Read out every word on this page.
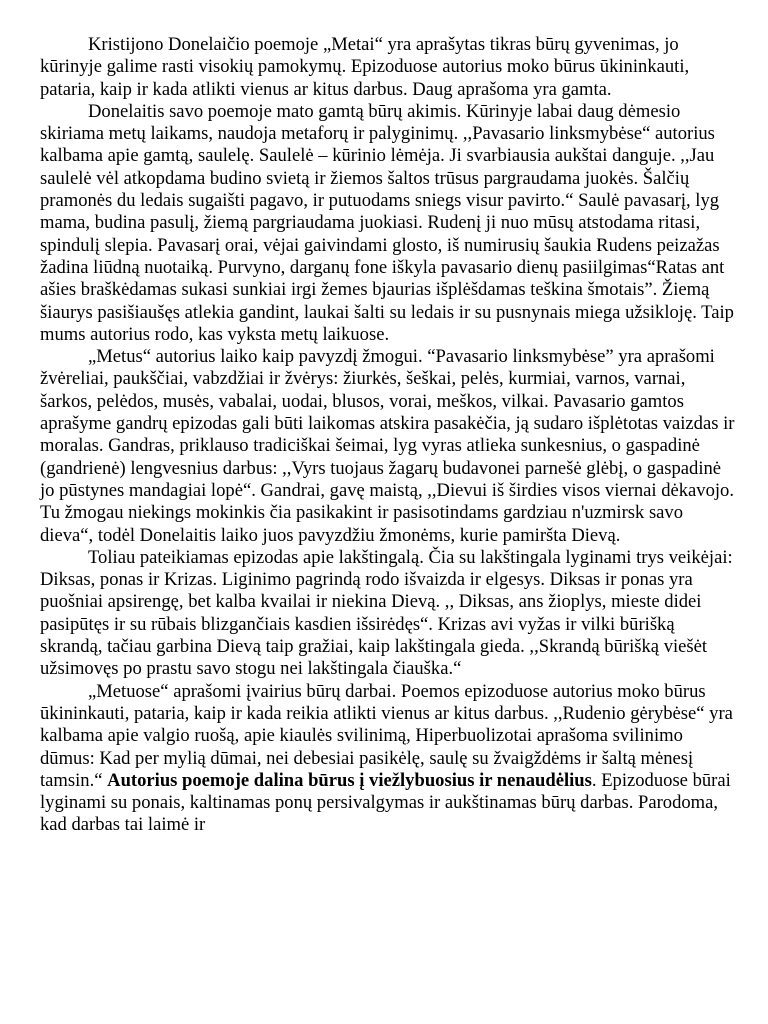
Kristijono Donelaičio poemoje „Metai“ yra aprašytas tikras būrų gyvenimas, jo kūrinyje galime rasti visokių pamokymų. Epizoduose autorius moko būrus ūkininkauti, pataria, kaip ir kada atlikti vienus ar kitus darbus. Daug aprašoma yra gamta.

Donelaitis savo poemoje mato gamtą būrų akimis. Kūrinyje labai daug dėmesio skiriama metų laikams, naudoja metaforų ir palyginimų. ,,Pavasario linksmybėse“ autorius kalbama apie gamtą, saulelę. Saulelė – kūrinio lėmėja. Ji svarbiausia aukštai danguje. ,,Jau saulelė vėl atkopdama budino svietą ir žiemos šaltos trūsus pargraudama juokės. Šalčių pramonės du ledais sugaišti pagavo, ir putuodams sniegs visur pavirto.“ Saulė pavasarį, lyg mama, budina pasulį, žiemą pargriaudama juokiasi. Rudenį ji nuo mūsų atstodama ritasi, spindulį slepia. Pavasarį orai, vėjai gaivindami glosto, iš numirusių šaukia Rudens peizažas žadina liūdną nuotaiką. Purvyno, darganų fone iškyla pavasario dienų pasiilgimas“Ratas ant ašies braškėdamas sukasi sunkiai irgi žemes bjaurias išplėšdamas teškina šmotais”. Žiemą šiaurys pasišiaušęs atlekia gandint, laukai šalti su ledais ir su pusnynais miega užsikloję. Taip mums autorius rodo, kas vyksta metų laikuose.

„Metus“ autorius laiko kaip pavyzdį žmogui. “Pavasario linksmybėse” yra aprašomi žvėreliai, paukščiai, vabzdžiai ir žvėrys: žiurkės, šeškai, pelės, kurmiai, varnos, varnai, šarkos, pelėdos, musės, vabalai, uodai, blusos, vorai, meškos, vilkai. Pavasario gamtos aprašyme gandrų epizodas gali būti laikomas atskira pasakėčia, ją sudaro išplėtotas vaizdas ir moralas. Gandras, priklauso tradiciškai šeimai, lyg vyras atlieka sunkesnius, o gaspadinė (gandrienė) lengvesnius darbus: ,,Vyrs tuojaus žagarų budavonei parnešė glėbį, o gaspadinė jo pūstynes mandagiai lopė“. Gandrai, gavę maistą, ,,Dievui iš širdies visos viernai dėkavojo. Tu žmogau niekings mokinkis čia pasikakint ir pasisotindams gardziau n'uzmirsk savo dieva“, todėl Donelaitis laiko juos pavyzdžiu žmonėms, kurie pamiršta Dievą.

Toliau pateikiamas epizodas apie lakštingalą. Čia su lakštingala lyginami trys veikėjai: Diksas, ponas ir Krizas. Liginimo pagrindą rodo išvaizda ir elgesys. Diksas ir ponas yra puošniai apsirengę, bet kalba kvailai ir niekina Dievą. ,, Diksas, ans žioplys, mieste didei pasipūtęs ir su rūbais blizgančiais kasdien išsirėdęs“. Krizas avi vyžas ir vilki būrišką skrandą, tačiau garbina Dievą taip gražiai, kaip lakštingala gieda. ,,Skrandą būrišką viešėt užsimovęs po prastu savo stogu nei lakštingala čiauška.“

„Metuose“ aprašomi įvairius būrų darbai. Poemos epizoduose autorius moko būrus ūkininkauti, pataria, kaip ir kada reikia atlikti vienus ar kitus darbus. ,,Rudenio gėrybėse“ yra kalbama apie valgio ruošą, apie kiaulės svilinimą, Hiperbuolizotai aprašoma svilinimo dūmus: Kad per mylią dūmai, nei debesiai pasikėlę, saulę su žvaigždėms ir šaltą mėnesį tamsin.“ Autorius poemoje dalina būrus į viežlybuosius ir nenaudėlius. Epizoduose būrai lyginami su ponais, kaltinamas ponų persivalgymas ir aukštinamas būrų darbas. Parodoma, kad darbas tai laimė ir
